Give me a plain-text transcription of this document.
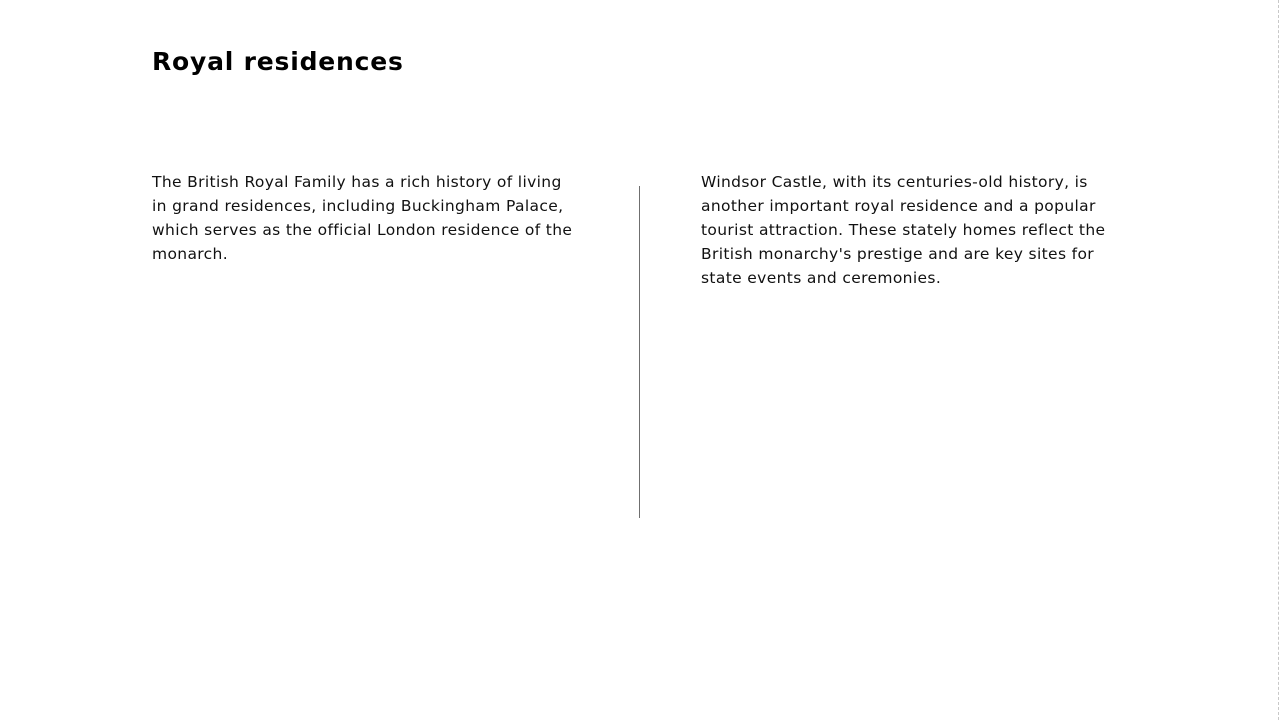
Royal residences

The British Royal Family has a rich history of living in grand residences, including Buckingham Palace, which serves as the official London residence of the monarch.

Windsor Castle, with its centuries-old history, is another important royal residence and a popular tourist attraction. These stately homes reflect the British monarchy's prestige and are key sites for state events and ceremonies.
